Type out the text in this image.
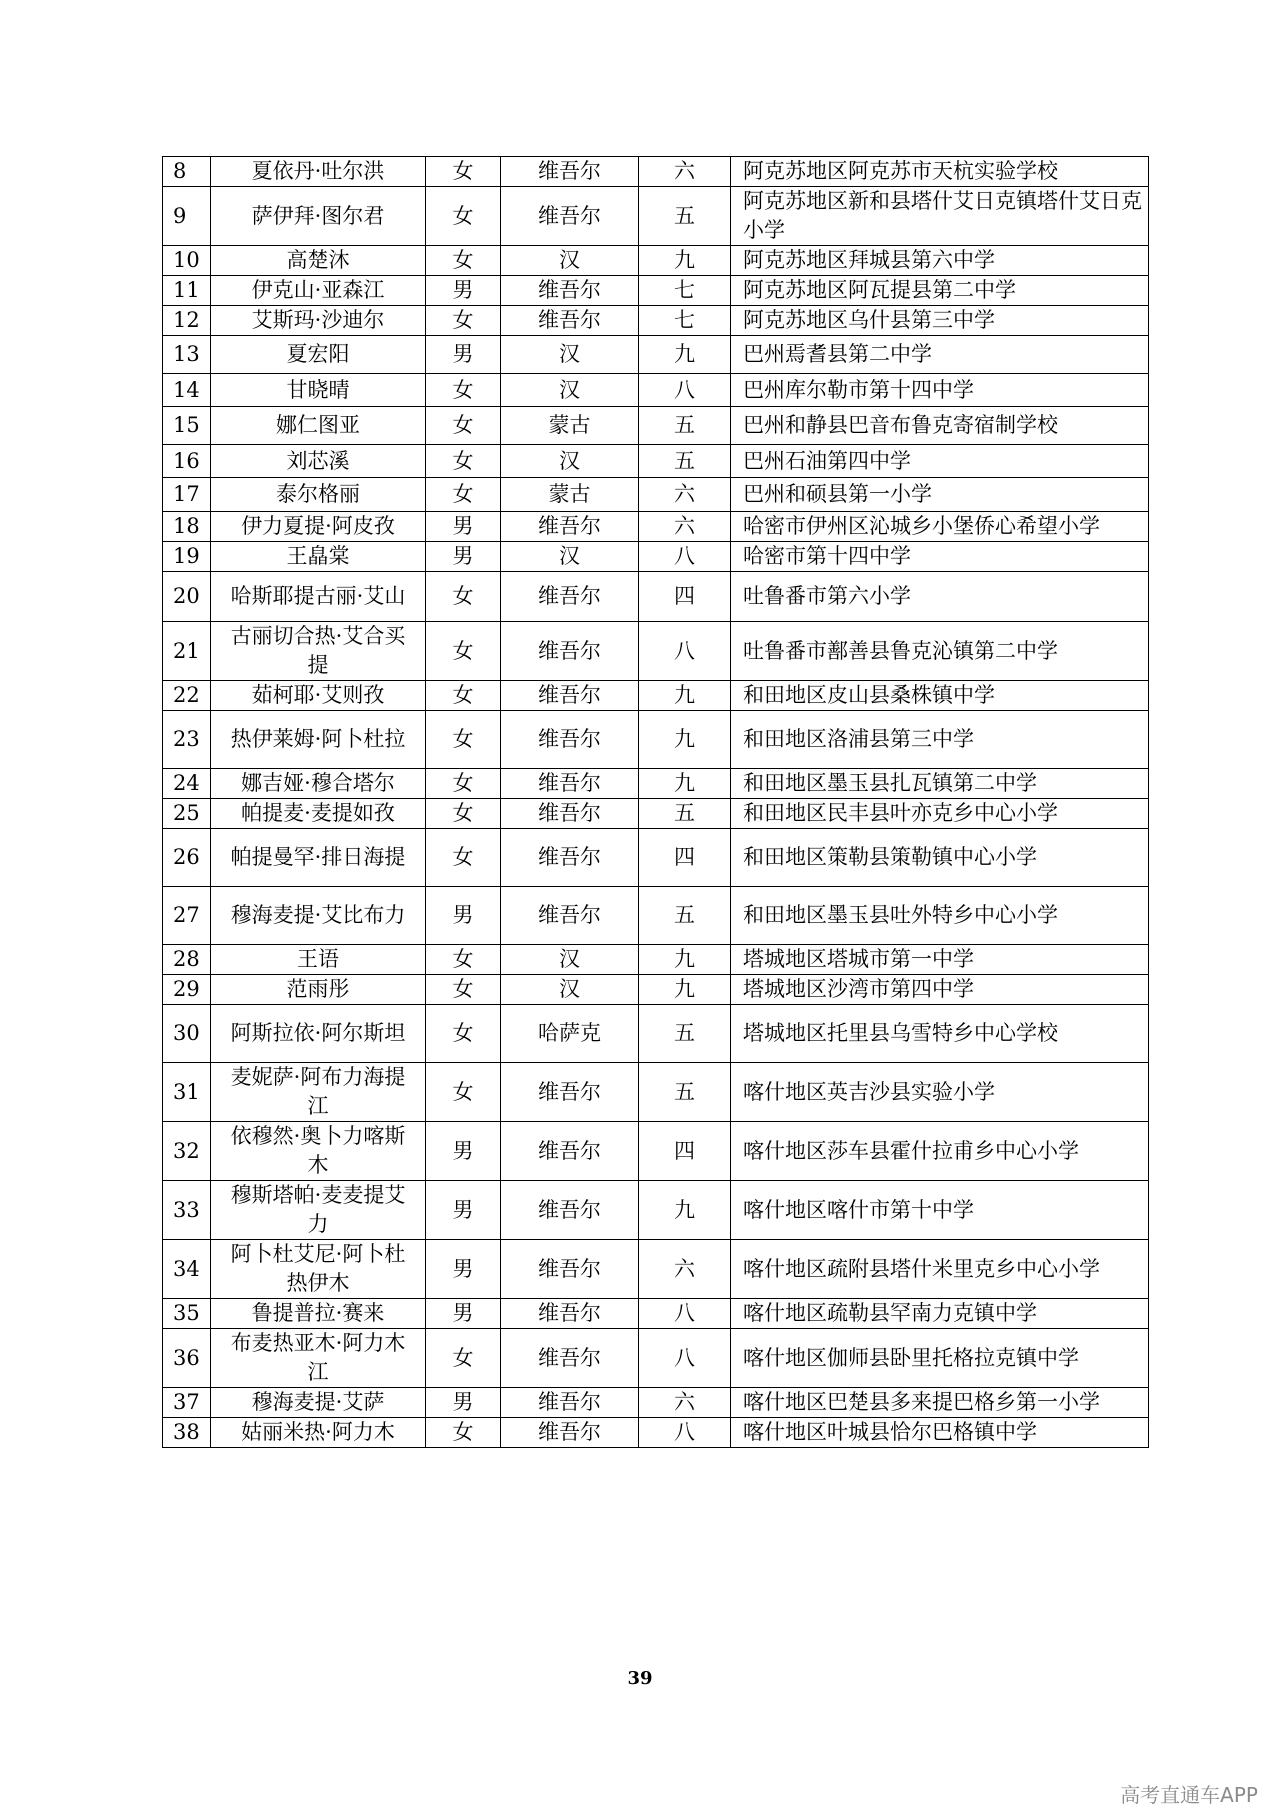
8	夏依丹·吐尔洪	女	维吾尔	六	阿克苏地区阿克苏市天杭实验学校
9	萨伊拜·图尔君	女	维吾尔	五	阿克苏地区新和县塔什艾日克镇塔什艾日克小学
10	高楚沐	女	汉	九	阿克苏地区拜城县第六中学
11	伊克山·亚森江	男	维吾尔	七	阿克苏地区阿瓦提县第二中学
12	艾斯玛·沙迪尔	女	维吾尔	七	阿克苏地区乌什县第三中学
13	夏宏阳	男	汉	九	巴州焉耆县第二中学
14	甘晓晴	女	汉	八	巴州库尔勒市第十四中学
15	娜仁图亚	女	蒙古	五	巴州和静县巴音布鲁克寄宿制学校
16	刘芯溪	女	汉	五	巴州石油第四中学
17	泰尔格丽	女	蒙古	六	巴州和硕县第一小学
18	伊力夏提·阿皮孜	男	维吾尔	六	哈密市伊州区沁城乡小堡侨心希望小学
19	王皛棠	男	汉	八	哈密市第十四中学
20	哈斯耶提古丽·艾山	女	维吾尔	四	吐鲁番市第六小学
21	古丽切合热·艾合买提	女	维吾尔	八	吐鲁番市鄯善县鲁克沁镇第二中学
22	茹柯耶·艾则孜	女	维吾尔	九	和田地区皮山县桑株镇中学
23	热伊莱姆·阿卜杜拉	女	维吾尔	九	和田地区洛浦县第三中学
24	娜吉娅·穆合塔尔	女	维吾尔	九	和田地区墨玉县扎瓦镇第二中学
25	帕提麦·麦提如孜	女	维吾尔	五	和田地区民丰县叶亦克乡中心小学
26	帕提曼罕·排日海提	女	维吾尔	四	和田地区策勒县策勒镇中心小学
27	穆海麦提·艾比布力	男	维吾尔	五	和田地区墨玉县吐外特乡中心小学
28	王语	女	汉	九	塔城地区塔城市第一中学
29	范雨彤	女	汉	九	塔城地区沙湾市第四中学
30	阿斯拉依·阿尔斯坦	女	哈萨克	五	塔城地区托里县乌雪特乡中心学校
31	麦妮萨·阿布力海提江	女	维吾尔	五	喀什地区英吉沙县实验小学
32	依穆然·奥卜力喀斯木	男	维吾尔	四	喀什地区莎车县霍什拉甫乡中心小学
33	穆斯塔帕·麦麦提艾力	男	维吾尔	九	喀什地区喀什市第十中学
34	阿卜杜艾尼·阿卜杜热伊木	男	维吾尔	六	喀什地区疏附县塔什米里克乡中心小学
35	鲁提普拉·赛来	男	维吾尔	八	喀什地区疏勒县罕南力克镇中学
36	布麦热亚木·阿力木江	女	维吾尔	八	喀什地区伽师县卧里托格拉克镇中学
37	穆海麦提·艾萨	男	维吾尔	六	喀什地区巴楚县多来提巴格乡第一小学
38	姑丽米热·阿力木	女	维吾尔	八	喀什地区叶城县恰尔巴格镇中学
39
高考直通车APP
